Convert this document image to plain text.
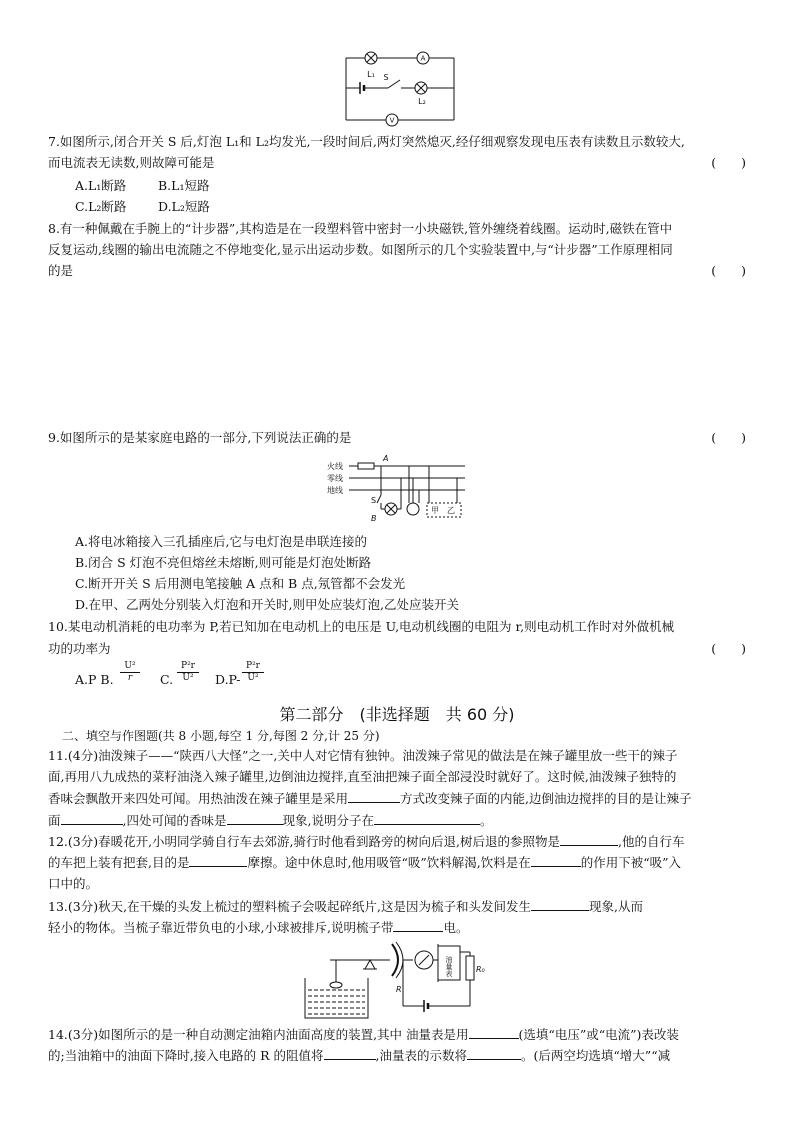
A
V
L₁
L₂
S
7.如图所示,闭合开关 S 后,灯泡 L₁和 L₂均发光,一段时间后,两灯突然熄灭,经仔细观察发现电压表有读数且示数较大,
而电流表无读数,则故障可能是	(　　)
A.L₁断路	B.L₁短路
C.L₂断路	D.L₂短路
8.有一种佩戴在手腕上的“计步器”,其构造是在一段塑料管中密封一小块磁铁,管外缠绕着线圈。运动时,磁铁在管中
反复运动,线圈的输出电流随之不停地变化,显示出运动步数。如图所示的几个实验装置中,与“计步器”工作原理相同
的是	(　　)
9.如图所示的是某家庭电路的一部分,下列说法正确的是	(　　)
火线
零线
地线
A
B
S
甲 乙
A.将电冰箱接入三孔插座后,它与电灯泡是串联连接的
B.闭合 S 灯泡不亮但熔丝未熔断,则可能是灯泡处断路
C.断开开关 S 后用测电笔接触 A 点和 B 点,氖管都不会发光
D.在甲、乙两处分别装入灯泡和开关时,则甲处应装灯泡,乙处应装开关
10.某电动机消耗的电功率为 P,若已知加在电动机上的电压是 U,电动机线圈的电阻为 r,则电动机工作时对外做机械
功的功率为	(　　)
A.P B. $\frac{\text{U²}}{r} C$. $\frac{\text{P²r}}{\text{U²}} D.P- \frac{\text{P²r}}{\text{U²}}$
第二部分　(非选择题　共 60 分)
二、填空与作图题(共 8 小题,每空 1 分,每图 2 分,计 25 分)
11.(4分)油泼辣子——“陕西八大怪”之一,关中人对它情有独钟。油泼辣子常见的做法是在辣子罐里放一些干的辣子
面,再用八九成热的菜籽油浇入辣子罐里,边倒油边搅拌,直至油把辣子面全部浸没时就好了。这时候,油泼辣子独特的
香味会飘散开来四处可闻。用热油泼在辣子罐里是采用	方式改变辣子面的内能,边倒油边搅拌的目的是让辣子
面	,四处可闻的香味是	现象,说明分子在	。
12.(3分)春暖花开,小明同学骑自行车去郊游,骑行时他看到路旁的树向后退,树后退的参照物是	,他的自行车
的车把上装有把套,目的是	摩擦。途中休息时,他用吸管“吸”饮料解渴,饮料是在	的作用下被“吸”入
口中的。
13.(3分)秋天,在干燥的头发上梳过的塑料梳子会吸起碎纸片,这是因为梳子和头发间发生	现象,从而
轻小的物体。当梳子靠近带负电的小球,小球被排斥,说明梳子带	电。
R
R₀
油量表
14.(3分)如图所示的是一种自动测定油箱内油面高度的装置,其中 油量表是用	(选填“电压”或“电流”)表改装
的;当油箱中的油面下降时,接入电路的 R 的阻值将	,油量表的示数将	。(后两空均选填“增大”“减
